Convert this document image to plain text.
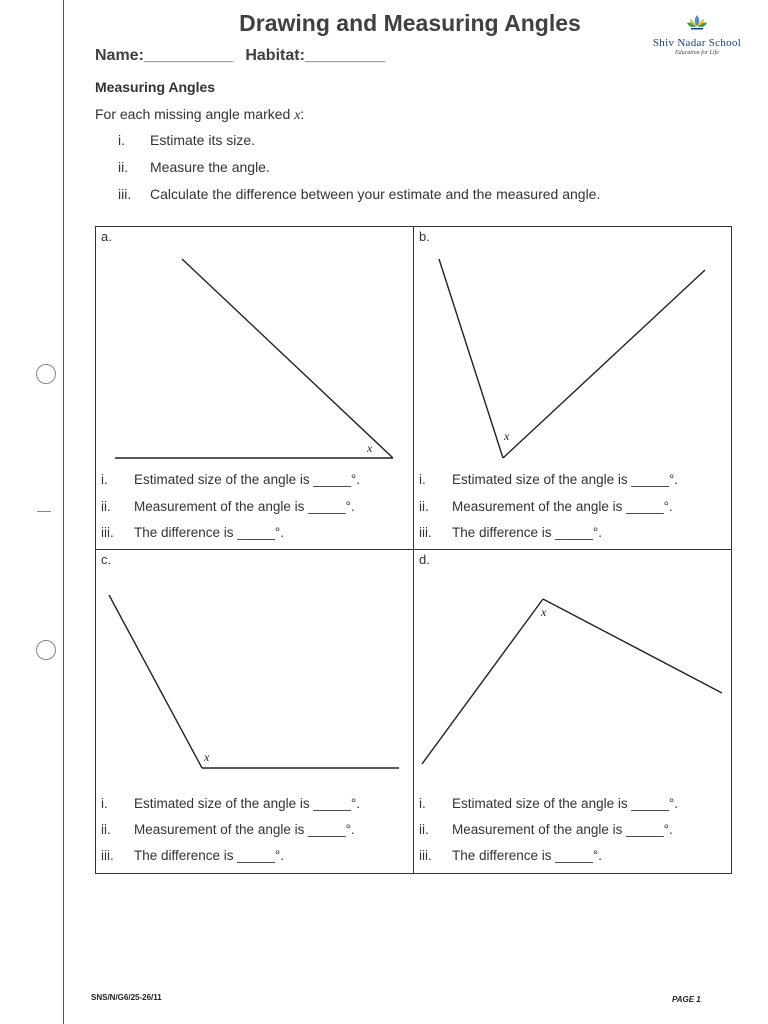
Drawing and Measuring Angles
Name:__________ Habitat:_________
Shiv Nadar School
Education for Life
Measuring Angles
For each missing angle marked x:
i. Estimate its size.
ii. Measure the angle.
iii. Calculate the difference between your estimate and the measured angle.
x
x
x
x
a.
i. Estimated size of the angle is _____°.
ii. Measurement of the angle is _____°.
iii. The difference is _____°.
b.
i. Estimated size of the angle is _____°.
ii. Measurement of the angle is _____°.
iii. The difference is _____°.
c.
i. Estimated size of the angle is _____°.
ii. Measurement of the angle is _____°.
iii. The difference is _____°.
d.
i. Estimated size of the angle is _____°.
ii. Measurement of the angle is _____°.
iii. The difference is _____°.
SNS/N/G6/25-26/11	PAGE 1
